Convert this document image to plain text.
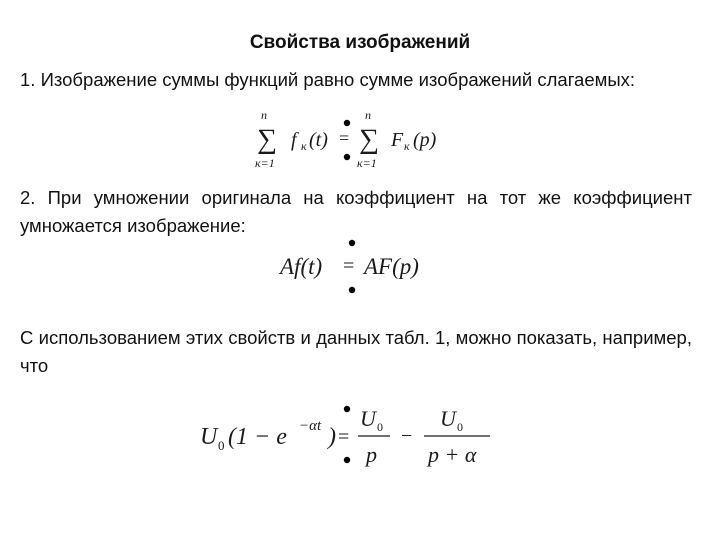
Свойства изображений
1. Изображение суммы функций равно сумме изображений слагаемых:
n
∑
к=1
f к (t) =
n
∑
к=1
F к (p)
2. При умножении оригинала на коэффициент на тот же коэффициент умножается изображение:
Af(t) = AF(p)
С использованием этих свойств и данных табл. 1, можно показать, например, что
U 0 (1 − e −αt ) =
U 0
p
−
U 0
p + α
